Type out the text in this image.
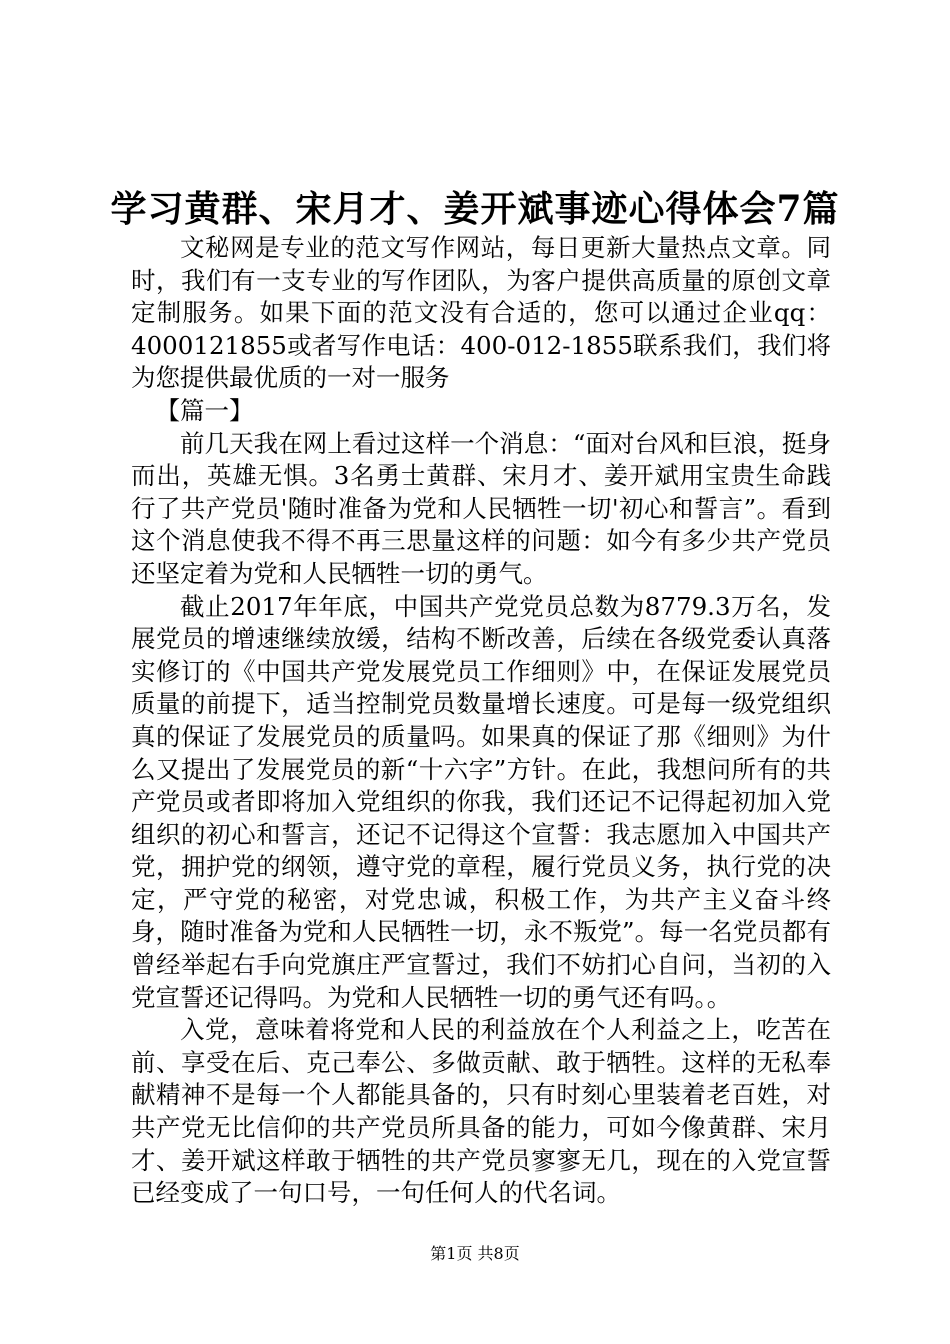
学习黄群、宋月才、姜开斌事迹心得体会7篇

文秘网是专业的范文写作网站，每日更新大量热点文章。同时，我们有一支专业的写作团队，为客户提供高质量的原创文章定制服务。如果下面的范文没有合适的，您可以通过企业qq：4000121855或者写作电话：400-012-1855联系我们，我们将为您提供最优质的一对一服务

【篇一】

前几天我在网上看过这样一个消息：“面对台风和巨浪，挺身而出，英雄无惧。3名勇士黄群、宋月才、姜开斌用宝贵生命践行了共产党员'随时准备为党和人民牺牲一切'初心和誓言”。看到这个消息使我不得不再三思量这样的问题：如今有多少共产党员还坚定着为党和人民牺牲一切的勇气。

截止2017年年底，中国共产党党员总数为8779.3万名，发展党员的增速继续放缓，结构不断改善，后续在各级党委认真落实修订的《中国共产党发展党员工作细则》中，在保证发展党员质量的前提下，适当控制党员数量增长速度。可是每一级党组织真的保证了发展党员的质量吗。如果真的保证了那《细则》为什么又提出了发展党员的新“十六字”方针。在此，我想问所有的共产党员或者即将加入党组织的你我，我们还记不记得起初加入党组织的初心和誓言，还记不记得这个宣誓：我志愿加入中国共产党，拥护党的纲领，遵守党的章程，履行党员义务，执行党的决定，严守党的秘密，对党忠诚，积极工作，为共产主义奋斗终身，随时准备为党和人民牺牲一切，永不叛党”。每一名党员都有曾经举起右手向党旗庄严宣誓过，我们不妨扪心自问，当初的入党宣誓还记得吗。为党和人民牺牲一切的勇气还有吗。。

入党，意味着将党和人民的利益放在个人利益之上，吃苦在前、享受在后、克己奉公、多做贡献、敢于牺牲。这样的无私奉献精神不是每一个人都能具备的，只有时刻心里装着老百姓，对共产党无比信仰的共产党员所具备的能力，可如今像黄群、宋月才、姜开斌这样敢于牺牲的共产党员寥寥无几，现在的入党宣誓已经变成了一句口号，一句任何人的代名词。

第1页 共8页
